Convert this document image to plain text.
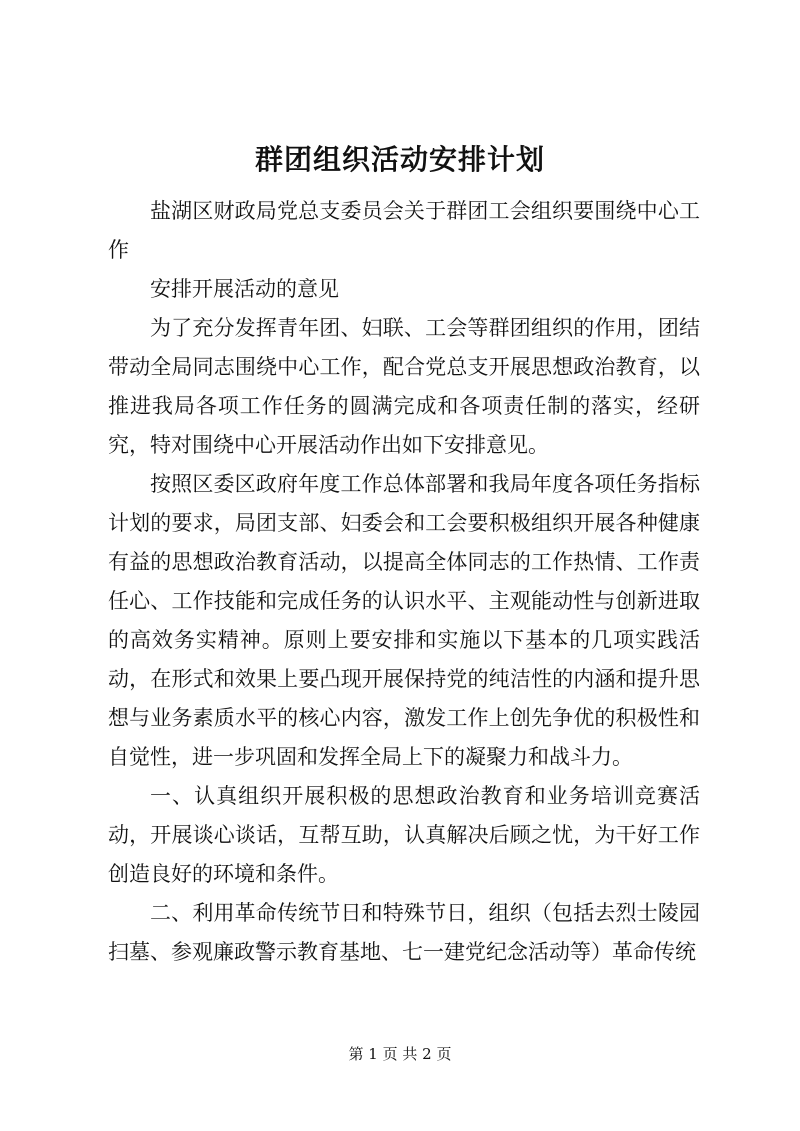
群团组织活动安排计划

盐湖区财政局党总支委员会关于群团工会组织要围绕中心工作

安排开展活动的意见

为了充分发挥青年团、妇联、工会等群团组织的作用，团结带动全局同志围绕中心工作，配合党总支开展思想政治教育，以推进我局各项工作任务的圆满完成和各项责任制的落实，经研究，特对围绕中心开展活动作出如下安排意见。

按照区委区政府年度工作总体部署和我局年度各项任务指标计划的要求，局团支部、妇委会和工会要积极组织开展各种健康有益的思想政治教育活动，以提高全体同志的工作热情、工作责任心、工作技能和完成任务的认识水平、主观能动性与创新进取的高效务实精神。原则上要安排和实施以下基本的几项实践活动，在形式和效果上要凸现开展保持党的纯洁性的内涵和提升思想与业务素质水平的核心内容，激发工作上创先争优的积极性和自觉性，进一步巩固和发挥全局上下的凝聚力和战斗力。

一、认真组织开展积极的思想政治教育和业务培训竞赛活动，开展谈心谈话，互帮互助，认真解决后顾之忧，为干好工作创造良好的环境和条件。

二、利用革命传统节日和特殊节日，组织（包括去烈士陵园扫墓、参观廉政警示教育基地、七一建党纪念活动等）革命传统

第 1 页 共 2 页
